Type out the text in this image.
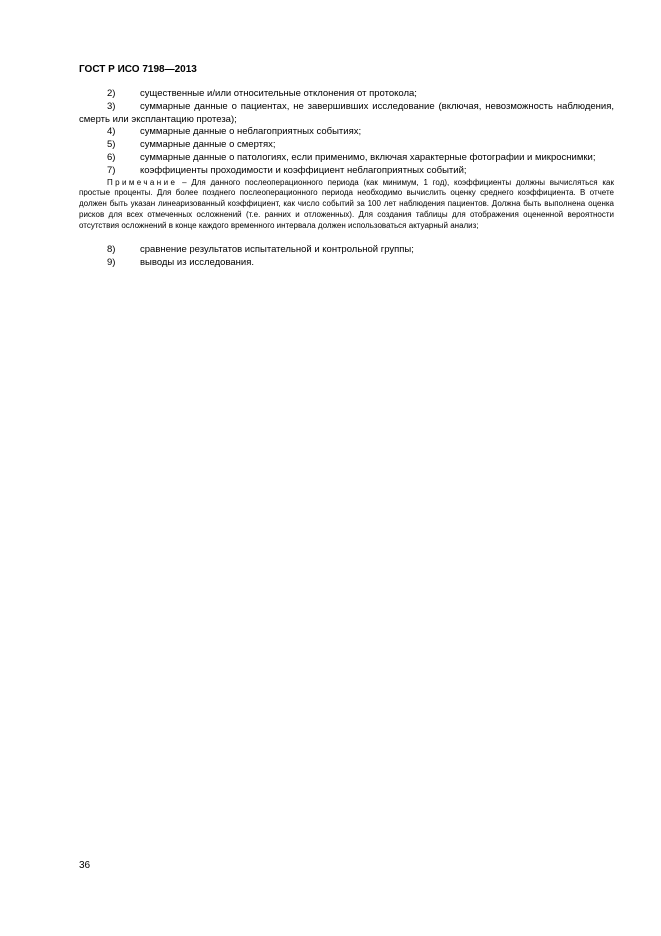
ГОСТ Р ИСО 7198—2013

2)	существенные и/или относительные отклонения от протокола;

3)	суммарные данные о пациентах, не завершивших исследование (включая, невозможность наблюдения, смерть или эксплантацию протеза);

4)	суммарные данные о неблагоприятных событиях;

5)	суммарные данные о смертях;

6)	суммарные данные о патологиях, если применимо, включая характерные фотографии и микроснимки;

7)	коэффициенты проходимости и коэффициент неблагоприятных событий;

Примечание – Для данного послеоперационного периода (как минимум, 1 год), коэффициенты должны вычисляться как простые проценты. Для более позднего послеоперационного периода необходимо вычислить оценку среднего коэффициента. В отчете должен быть указан линеаризованный коэффициент, как число событий за 100 лет наблюдения пациентов. Должна быть выполнена оценка рисков для всех отмеченных осложнений (т.е. ранних и отложенных). Для создания таблицы для отображения оцененной вероятности отсутствия осложнений в конце каждого временного интервала должен использоваться актуарный анализ;

8)	сравнение результатов испытательной и контрольной группы;

9)	выводы из исследования.

36
